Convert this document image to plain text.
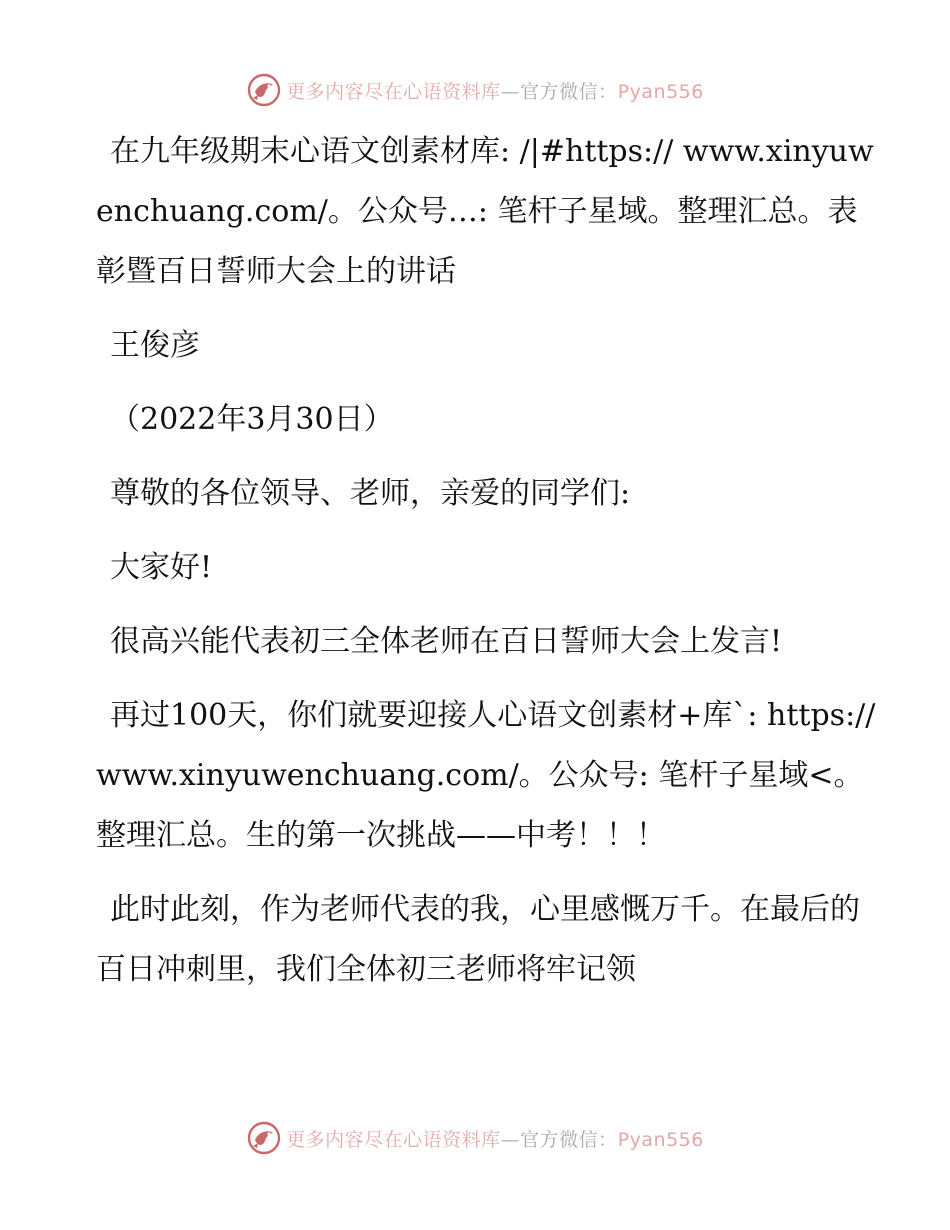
更多内容尽在心语资料库—官方微信：Pyan556

在九年级期末心语文创素材库: /|#https:// www.xinyuwenchuang.com/。公众号…: 笔杆子星域。整理汇总。表彰暨百日誓师大会上的讲话

王俊彦

（2022年3月30日）

尊敬的各位领导、老师，亲爱的同学们:

大家好!

很高兴能代表初三全体老师在百日誓师大会上发言!

再过100天，你们就要迎接人心语文创素材+库`: https://www.xinyuwenchuang.com/。公众号: 笔杆子星域<。整理汇总。生的第一次挑战——中考！！！

此时此刻，作为老师代表的我，心里感慨万千。在最后的百日冲刺里，我们全体初三老师将牢记领

更多内容尽在心语资料库—官方微信：Pyan556
